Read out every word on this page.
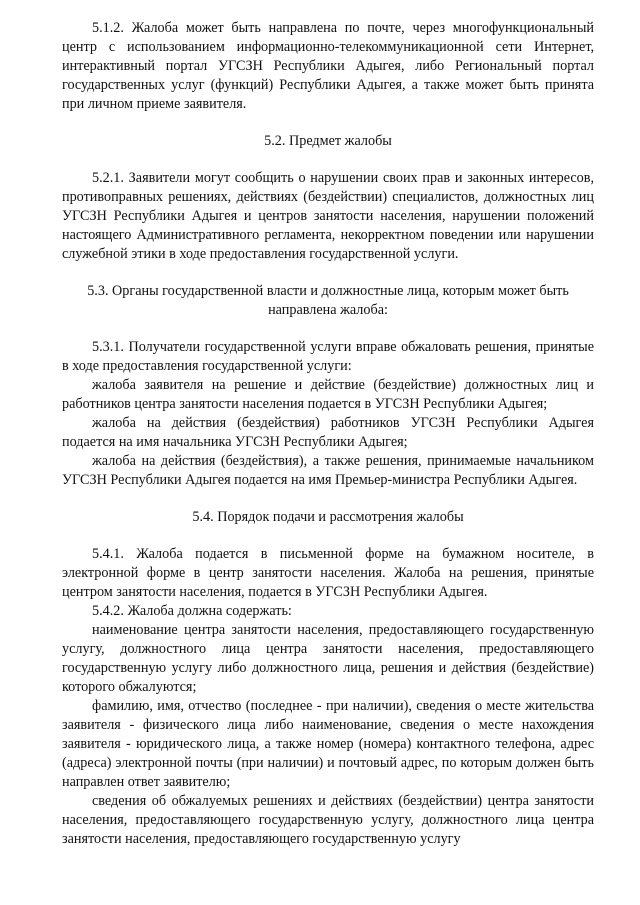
5.1.2. Жалоба может быть направлена по почте, через многофункциональный центр с использованием информационно-телекоммуникационной сети Интернет, интерактивный портал УГСЗН Республики Адыгея, либо Региональный портал государственных услуг (функций) Республики Адыгея, а также может быть принята при личном приеме заявителя.

5.2. Предмет жалобы

5.2.1. Заявители могут сообщить о нарушении своих прав и законных интересов, противоправных решениях, действиях (бездействии) специалистов, должностных лиц УГСЗН Республики Адыгея и центров занятости населения, нарушении положений настоящего Административного регламента, некорректном поведении или нарушении служебной этики в ходе предоставления государственной услуги.

5.3. Органы государственной власти и должностные лица, которым может быть направлена жалоба:

5.3.1. Получатели государственной услуги вправе обжаловать решения, принятые в ходе предоставления государственной услуги:

жалоба заявителя на решение и действие (бездействие) должностных лиц и работников центра занятости населения подается в УГСЗН Республики Адыгея;

жалоба на действия (бездействия) работников УГСЗН Республики Адыгея подается на имя начальника УГСЗН Республики Адыгея;

жалоба на действия (бездействия), а также решения, принимаемые начальником УГСЗН Республики Адыгея подается на имя Премьер-министра Республики Адыгея.

5.4. Порядок подачи и рассмотрения жалобы

5.4.1. Жалоба подается в письменной форме на бумажном носителе, в электронной форме в центр занятости населения. Жалоба на решения, принятые центром занятости населения, подается в УГСЗН Республики Адыгея.

5.4.2. Жалоба должна содержать:

наименование центра занятости населения, предоставляющего государственную услугу, должностного лица центра занятости населения, предоставляющего государственную услугу либо должностного лица, решения и действия (бездействие) которого обжалуются;

фамилию, имя, отчество (последнее - при наличии), сведения о месте жительства заявителя - физического лица либо наименование, сведения о месте нахождения заявителя - юридического лица, а также номер (номера) контактного телефона, адрес (адреса) электронной почты (при наличии) и почтовый адрес, по которым должен быть направлен ответ заявителю;

сведения об обжалуемых решениях и действиях (бездействии) центра занятости населения, предоставляющего государственную услугу, должностного лица центра занятости населения, предоставляющего государственную услугу
